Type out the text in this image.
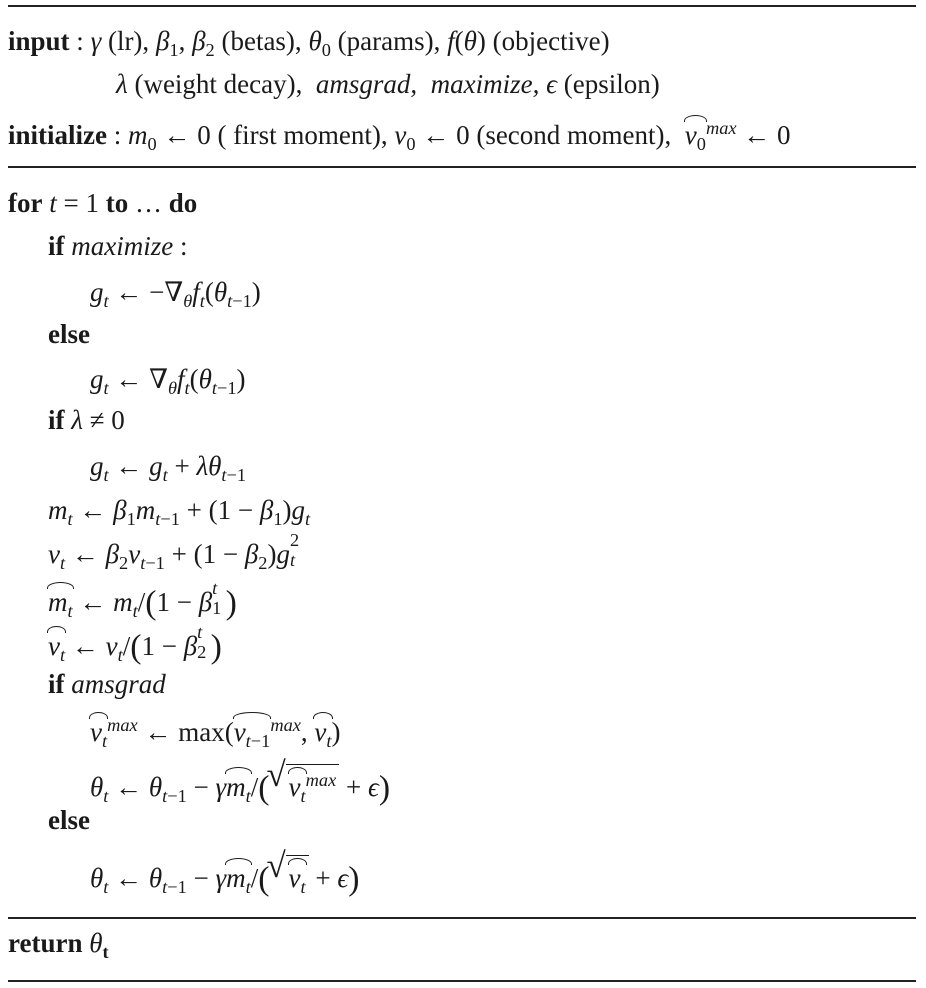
input : γ (lr), $\beta_1$, $\beta_2$ (betas), $\theta_0$ (params), f(θ) (objective)
λ (weight decay), amsgrad, maximize, ϵ (epsilon)
initialize : $m_0$ ← 0 ( first moment), $v_0$ ← 0 (second moment), $v_0^{max}$ ← 0
for t = 1 to … do
if maximize :
$g_t$ ← $-\nabla_\theta f_t(\theta_{t-1})$
else
$g_t$ ← $\nabla_\theta f_t(\theta_{t-1})$
if λ ≠ 0
$g_t$ ← $g_t + \lambda\theta_{t-1}$
$m_t$ ← $\beta_1m_{t-1} + (1 - \beta_1)g_t$
$v_t$ ← $\beta_2v_{t-1} + (1 - \beta_2)g$ 2
t

$m_t$ ← $m_t/(1 - \beta$ t
1 )
$v_t$ ← $v_t/(1 - \beta$ t
2 )
if amsgrad
$v_t^{max}$ ← $\max(v_{t-1}^{max}$, $v_t$)
$\theta_t$ ← $\theta_{t-1} - \gamma m_t/(√$ $v_t^{max} + \epsilon$)
else
$\theta_t$ ← $\theta_{t-1} - \gamma m_t/(√$ $v_t + \epsilon$)
return $\theta_t$
